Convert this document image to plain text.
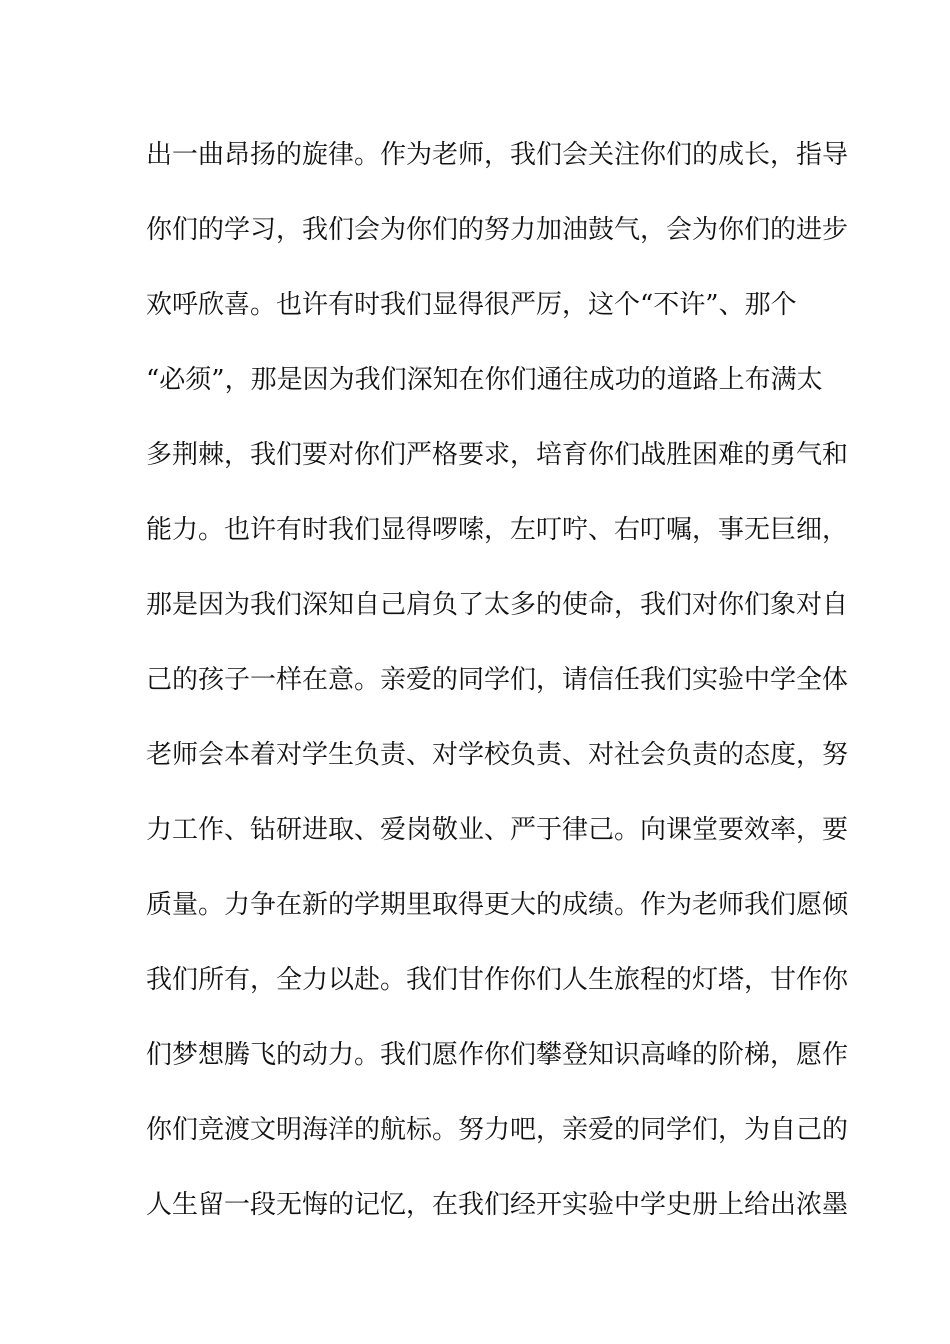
出一曲昂扬的旋律。作为老师，我们会关注你们的成长，指导
你们的学习，我们会为你们的努力加油鼓气，会为你们的进步
欢呼欣喜。也许有时我们显得很严厉，这个“不许”、那个
“必须”，那是因为我们深知在你们通往成功的道路上布满太
多荆棘，我们要对你们严格要求，培育你们战胜困难的勇气和
能力。也许有时我们显得啰嗦，左叮咛、右叮嘱，事无巨细，
那是因为我们深知自己肩负了太多的使命，我们对你们象对自
己的孩子一样在意。亲爱的同学们，请信任我们实验中学全体
老师会本着对学生负责、对学校负责、对社会负责的态度，努
力工作、钻研进取、爱岗敬业、严于律己。向课堂要效率，要
质量。力争在新的学期里取得更大的成绩。作为老师我们愿倾
我们所有，全力以赴。我们甘作你们人生旅程的灯塔，甘作你
们梦想腾飞的动力。我们愿作你们攀登知识高峰的阶梯，愿作
你们竞渡文明海洋的航标。努力吧，亲爱的同学们，为自己的
人生留一段无悔的记忆，在我们经开实验中学史册上给出浓墨
